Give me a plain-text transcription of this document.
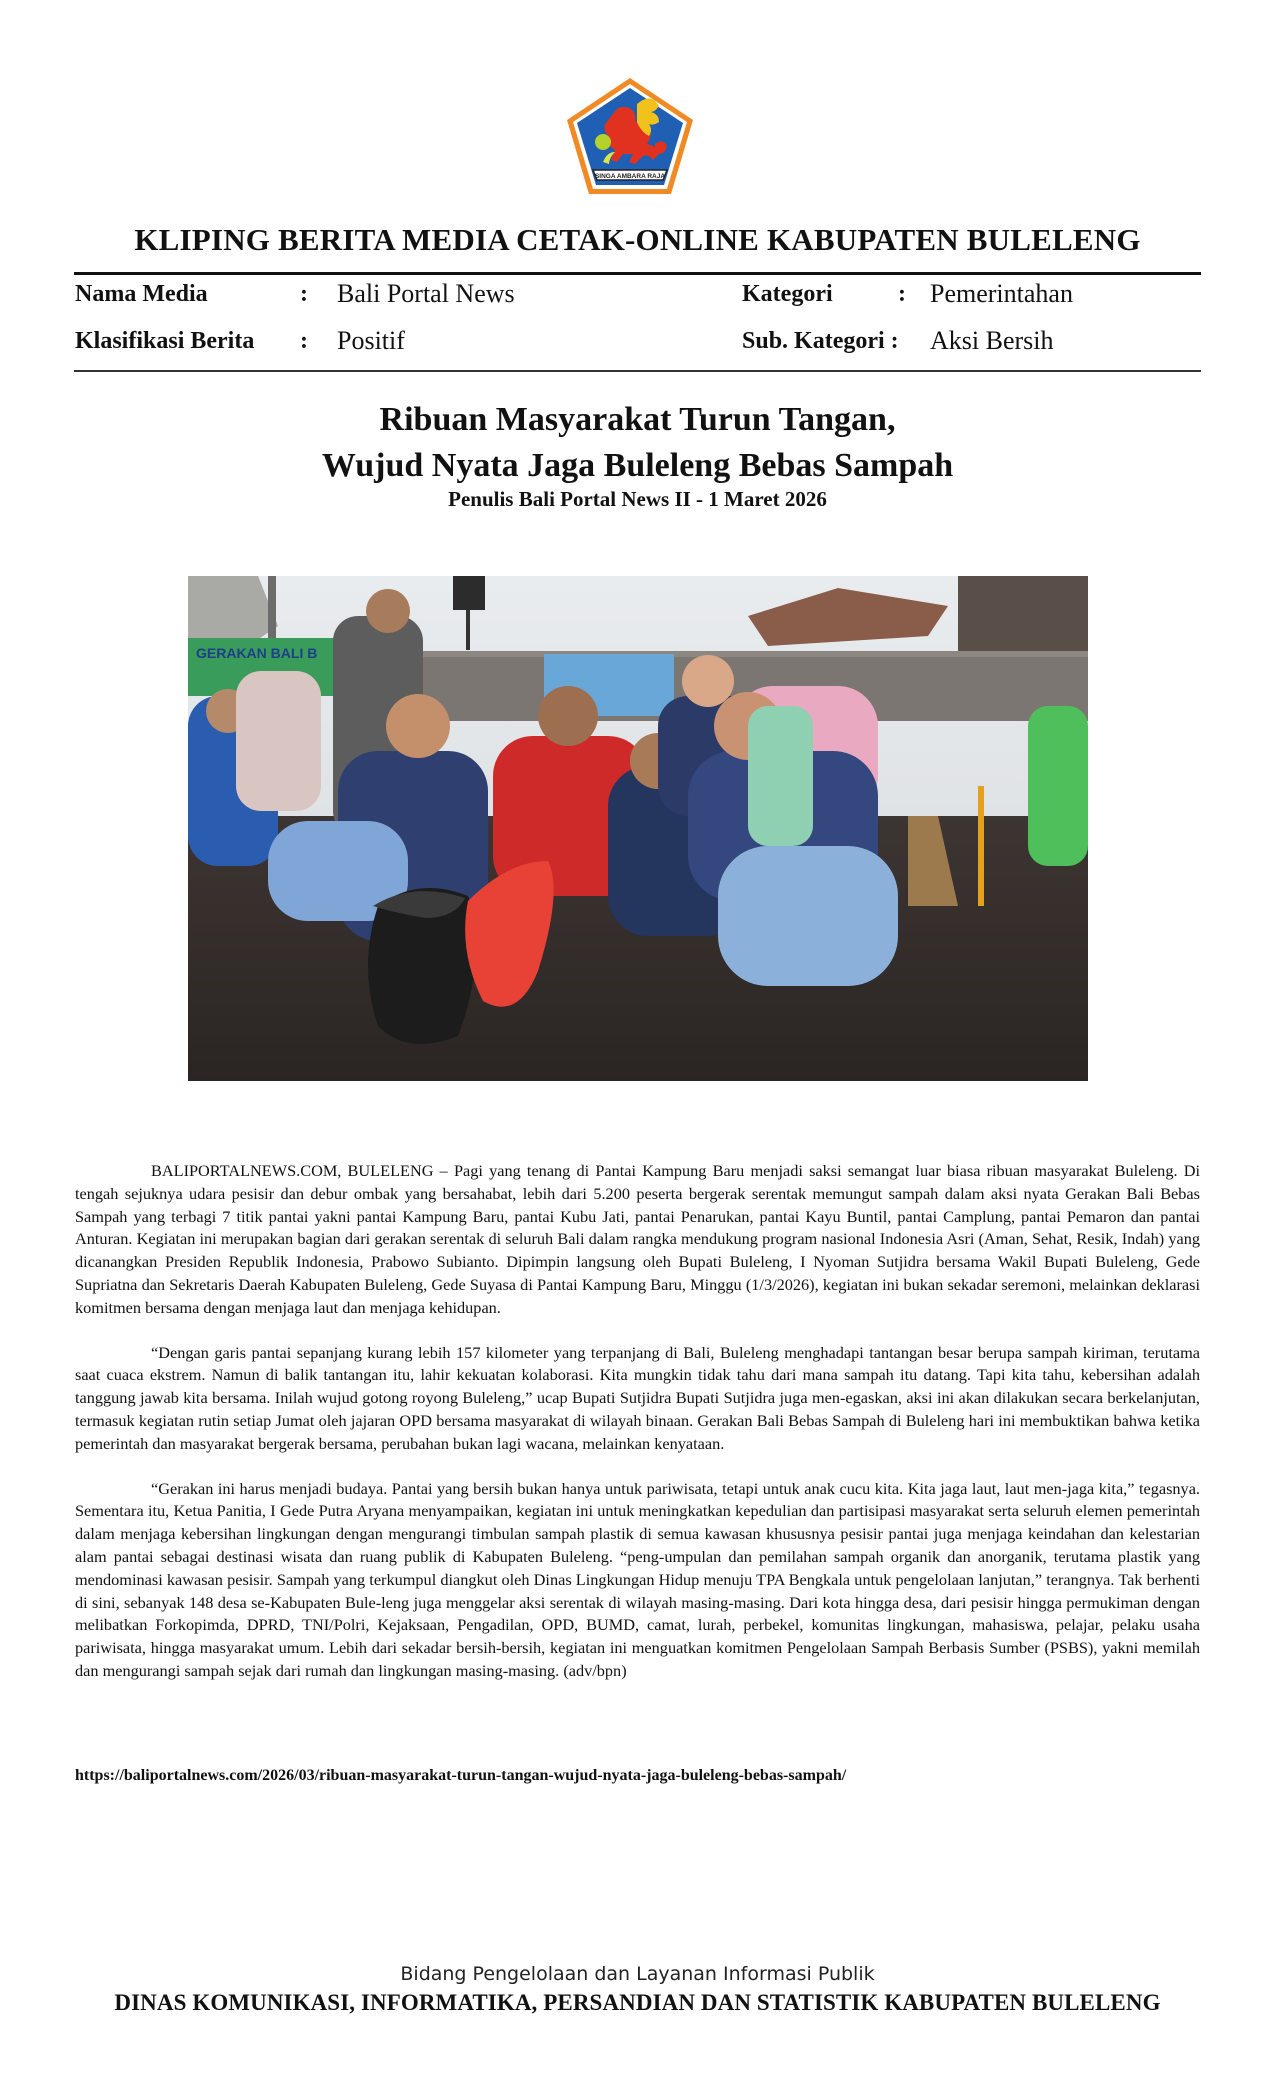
SINGA AMBARA RAJA
KLIPING BERITA MEDIA CETAK-ONLINE KABUPATEN BULELENG
Nama Media	: Bali Portal News
Klasifikasi Berita : Positif
Kategori	: Pemerintahan
Sub. Kategori : Aksi Bersih
Ribuan Masyarakat Turun Tangan,
Wujud Nyata Jaga Buleleng Bebas Sampah
Penulis Bali Portal News II - 1 Maret 2026
GERAKAN BALI B

BALIPORTALNEWS.COM, BULELENG – Pagi yang tenang di Pantai Kampung Baru menjadi saksi semangat luar biasa ribuan masyarakat Buleleng. Di tengah sejuknya udara pesisir dan debur ombak yang bersahabat, lebih dari 5.200 peserta bergerak serentak memungut sampah dalam aksi nyata Gerakan Bali Bebas Sampah yang terbagi 7 titik pantai yakni pantai Kampung Baru, pantai Kubu Jati, pantai Penarukan, pantai Kayu Buntil, pantai Camplung, pantai Pemaron dan pantai Anturan. Kegiatan ini merupakan bagian dari gerakan serentak di seluruh Bali dalam rangka mendukung program nasional Indonesia Asri (Aman, Sehat, Resik, Indah) yang dicanangkan Presiden Republik Indonesia, Prabowo Subianto. Dipimpin langsung oleh Bupati Buleleng, I Nyoman Sutjidra bersama Wakil Bupati Buleleng, Gede Supriatna dan Sekretaris Daerah Kabupaten Buleleng, Gede Suyasa di Pantai Kampung Baru, Minggu (1/3/2026), kegiatan ini bukan sekadar seremoni, melainkan deklarasi komitmen bersama dengan menjaga laut dan menjaga kehidupan.

“Dengan garis pantai sepanjang kurang lebih 157 kilometer yang terpanjang di Bali, Buleleng menghadapi tantangan besar berupa sampah kiriman, terutama saat cuaca ekstrem. Namun di balik tantangan itu, lahir kekuatan kolaborasi. Kita mungkin tidak tahu dari mana sampah itu datang. Tapi kita tahu, kebersihan adalah tanggung jawab kita bersama. Inilah wujud gotong royong Buleleng,” ucap Bupati Sutjidra Bupati Sutjidra juga men-egaskan, aksi ini akan dilakukan secara berkelanjutan, termasuk kegiatan rutin setiap Jumat oleh jajaran OPD bersama masyarakat di wilayah binaan. Gerakan Bali Bebas Sampah di Buleleng hari ini membuktikan bahwa ketika pemerintah dan masyarakat bergerak bersama, perubahan bukan lagi wacana, melainkan kenyataan.

“Gerakan ini harus menjadi budaya. Pantai yang bersih bukan hanya untuk pariwisata, tetapi untuk anak cucu kita. Kita jaga laut, laut men-jaga kita,” tegasnya. Sementara itu, Ketua Panitia, I Gede Putra Aryana menyampaikan, kegiatan ini untuk meningkatkan kepedulian dan partisipasi masyarakat serta seluruh elemen pemerintah dalam menjaga kebersihan lingkungan dengan mengurangi timbulan sampah plastik di semua kawasan khususnya pesisir pantai juga menjaga keindahan dan kelestarian alam pantai sebagai destinasi wisata dan ruang publik di Kabupaten Buleleng. “peng-umpulan dan pemilahan sampah organik dan anorganik, terutama plastik yang mendominasi kawasan pesisir. Sampah yang terkumpul diangkut oleh Dinas Lingkungan Hidup menuju TPA Bengkala untuk pengelolaan lanjutan,” terangnya. Tak berhenti di sini, sebanyak 148 desa se-Kabupaten Bule-leng juga menggelar aksi serentak di wilayah masing-masing. Dari kota hingga desa, dari pesisir hingga permukiman dengan melibatkan Forkopimda, DPRD, TNI/Polri, Kejaksaan, Pengadilan, OPD, BUMD, camat, lurah, perbekel, komunitas lingkungan, mahasiswa, pelajar, pelaku usaha pariwisata, hingga masyarakat umum. Lebih dari sekadar bersih-bersih, kegiatan ini menguatkan komitmen Pengelolaan Sampah Berbasis Sumber (PSBS), yakni memilah dan mengurangi sampah sejak dari rumah dan lingkungan masing-masing. (adv/bpn)

https://baliportalnews.com/2026/03/ribuan-masyarakat-turun-tangan-wujud-nyata-jaga-buleleng-bebas-sampah/
Bidang Pengelolaan dan Layanan Informasi Publik
DINAS KOMUNIKASI, INFORMATIKA, PERSANDIAN DAN STATISTIK KABUPATEN BULELENG
